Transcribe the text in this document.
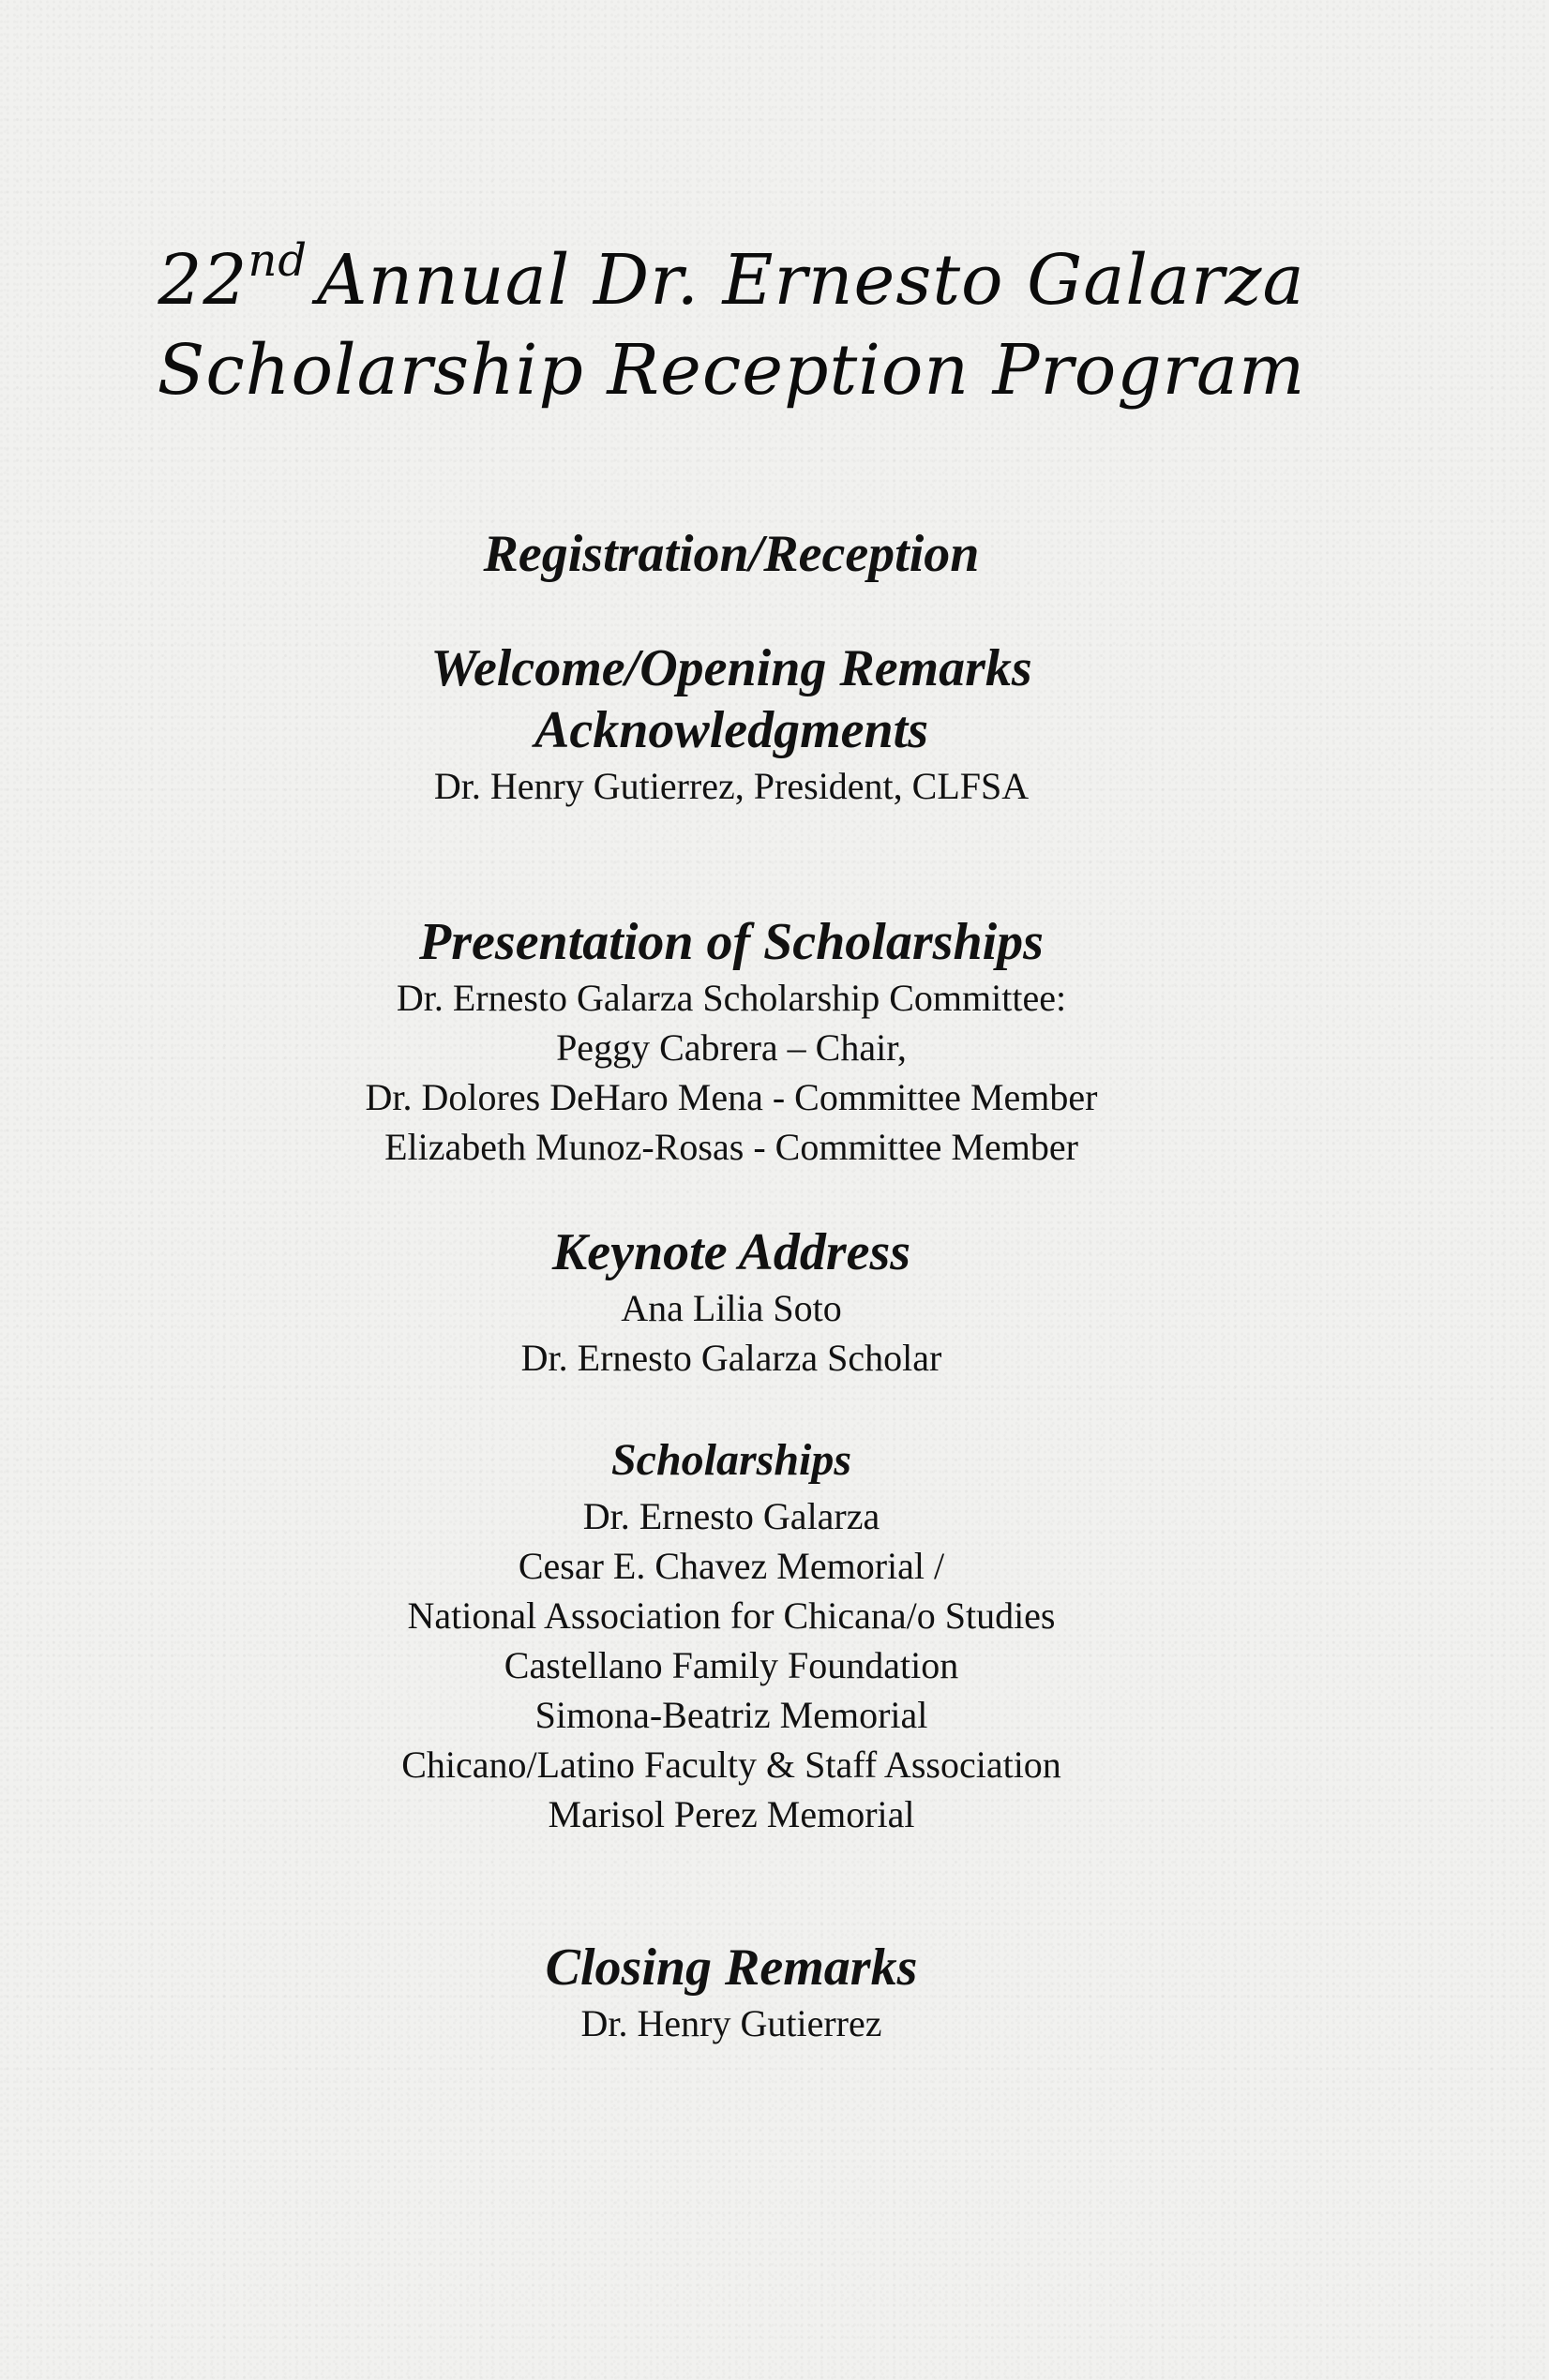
22nd Annual Dr. Ernesto Galarza
Scholarship Reception Program

Registration/Reception

Welcome/Opening Remarks

Acknowledgments

Dr. Henry Gutierrez, President, CLFSA

Presentation of Scholarships

Dr. Ernesto Galarza Scholarship Committee:

Peggy Cabrera – Chair,

Dr. Dolores DeHaro Mena - Committee Member

Elizabeth Munoz-Rosas - Committee Member

Keynote Address

Ana Lilia Soto

Dr. Ernesto Galarza Scholar

Scholarships

Dr. Ernesto Galarza

Cesar E. Chavez Memorial /

National Association for Chicana/o Studies

Castellano Family Foundation

Simona-Beatriz Memorial

Chicano/Latino Faculty & Staff Association

Marisol Perez Memorial

Closing Remarks

Dr. Henry Gutierrez
